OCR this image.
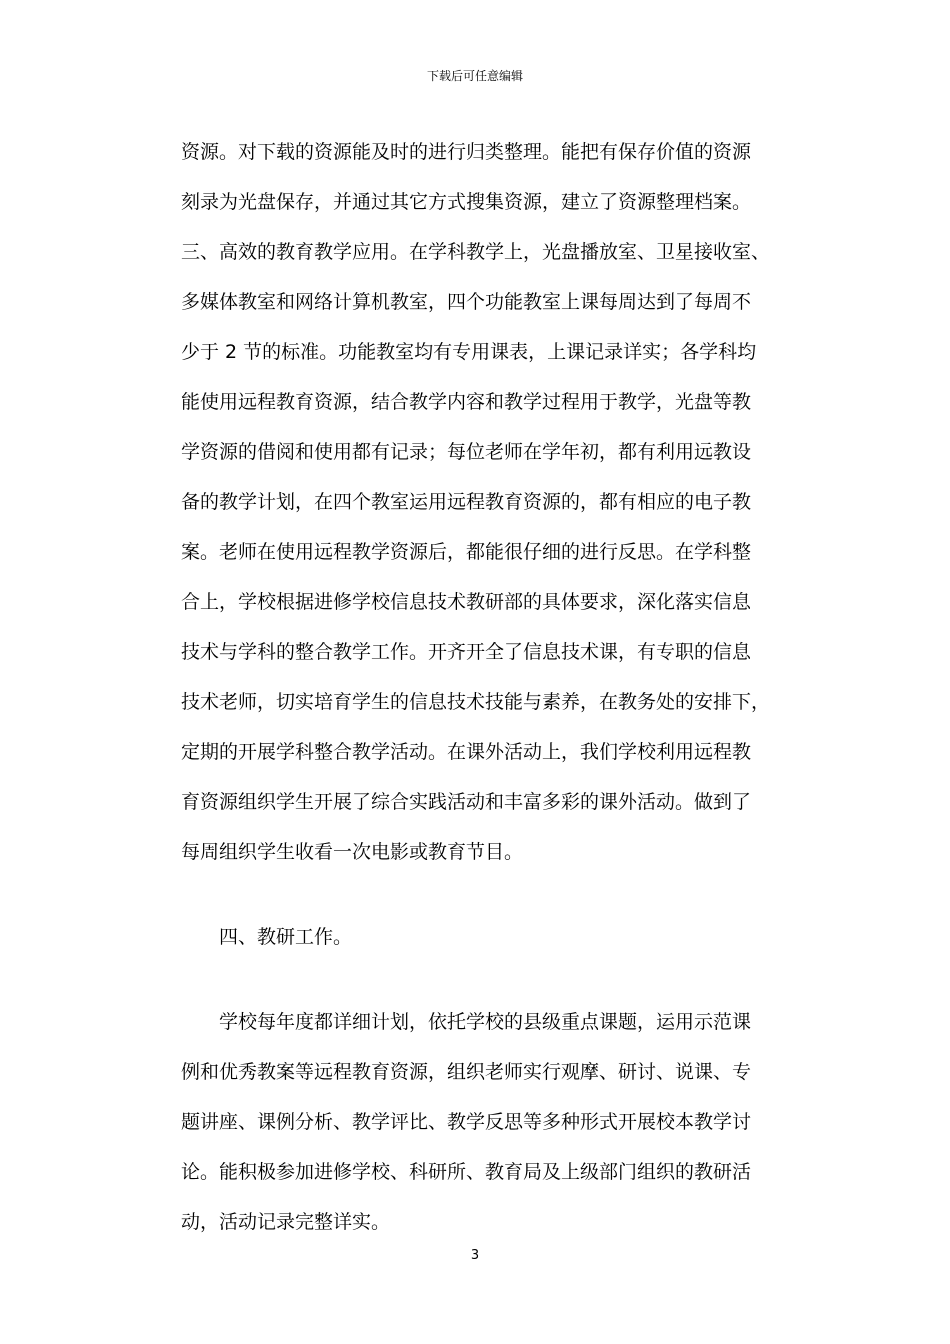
下载后可任意编辑

资源。对下载的资源能及时的进行归类整理。能把有保存价值的资源
刻录为光盘保存，并通过其它方式搜集资源，建立了资源整理档案。
三、高效的教育教学应用。在学科教学上，光盘播放室、卫星接收室、
多媒体教室和网络计算机教室，四个功能教室上课每周达到了每周不
少于 2 节的标准。功能教室均有专用课表，上课记录详实；各学科均
能使用远程教育资源，结合教学内容和教学过程用于教学，光盘等教
学资源的借阅和使用都有记录；每位老师在学年初，都有利用远教设
备的教学计划，在四个教室运用远程教育资源的，都有相应的电子教
案。老师在使用远程教学资源后，都能很仔细的进行反思。在学科整
合上，学校根据进修学校信息技术教研部的具体要求，深化落实信息
技术与学科的整合教学工作。开齐开全了信息技术课，有专职的信息
技术老师，切实培育学生的信息技术技能与素养，在教务处的安排下，
定期的开展学科整合教学活动。在课外活动上，我们学校利用远程教
育资源组织学生开展了综合实践活动和丰富多彩的课外活动。做到了
每周组织学生收看一次电影或教育节目。

四、教研工作。

学校每年度都详细计划，依托学校的县级重点课题，运用示范课
例和优秀教案等远程教育资源，组织老师实行观摩、研讨、说课、专
题讲座、课例分析、教学评比、教学反思等多种形式开展校本教学讨
论。能积极参加进修学校、科研所、教育局及上级部门组织的教研活
动，活动记录完整详实。

3
